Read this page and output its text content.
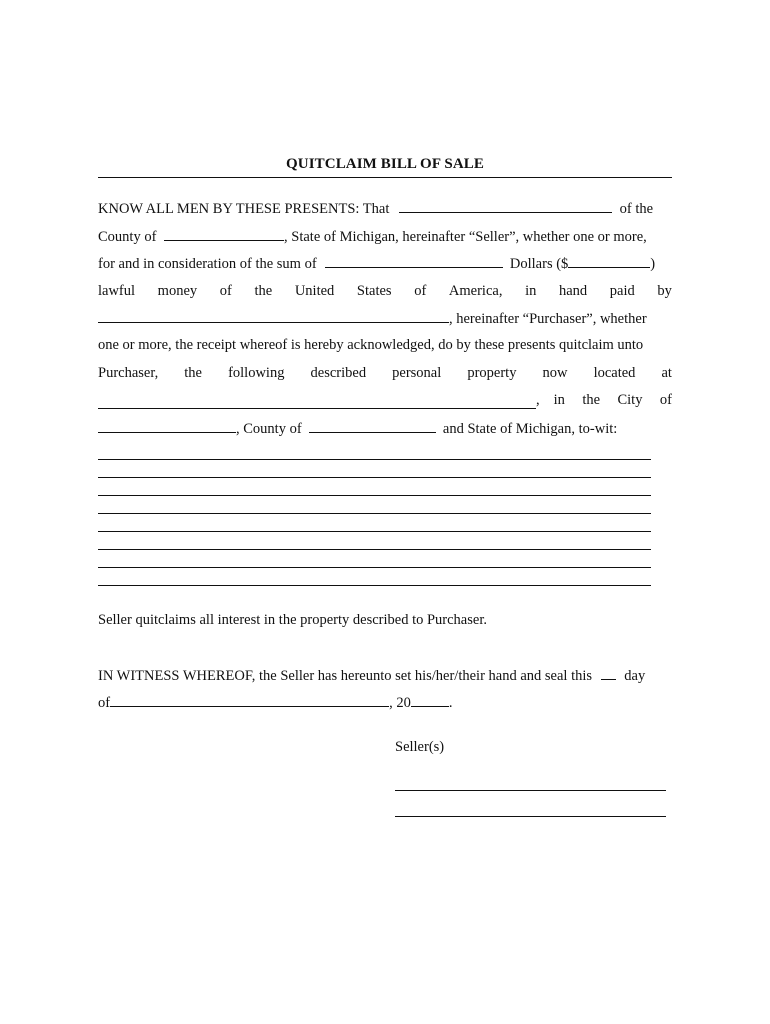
QUITCLAIM BILL OF SALE
KNOW ALL MEN BY THESE PRESENTS: That	of the
County of	, State of Michigan, hereinafter “Seller”, whether one or more,
for and in consideration of the sum of	Dollars ($	)
lawful money of the United States of America, in hand paid by
, hereinafter “Purchaser”, whether
one or more, the receipt whereof is hereby acknowledged, do by these presents quitclaim unto
Purchaser, the following described personal property now located at
, in the City of
, County of	and State of Michigan, to-wit:
Seller quitclaims all interest in the property described to Purchaser.
IN WITNESS WHEREOF, the Seller has hereunto set his/her/their hand and seal this day
of	, 20	.
Seller(s)
